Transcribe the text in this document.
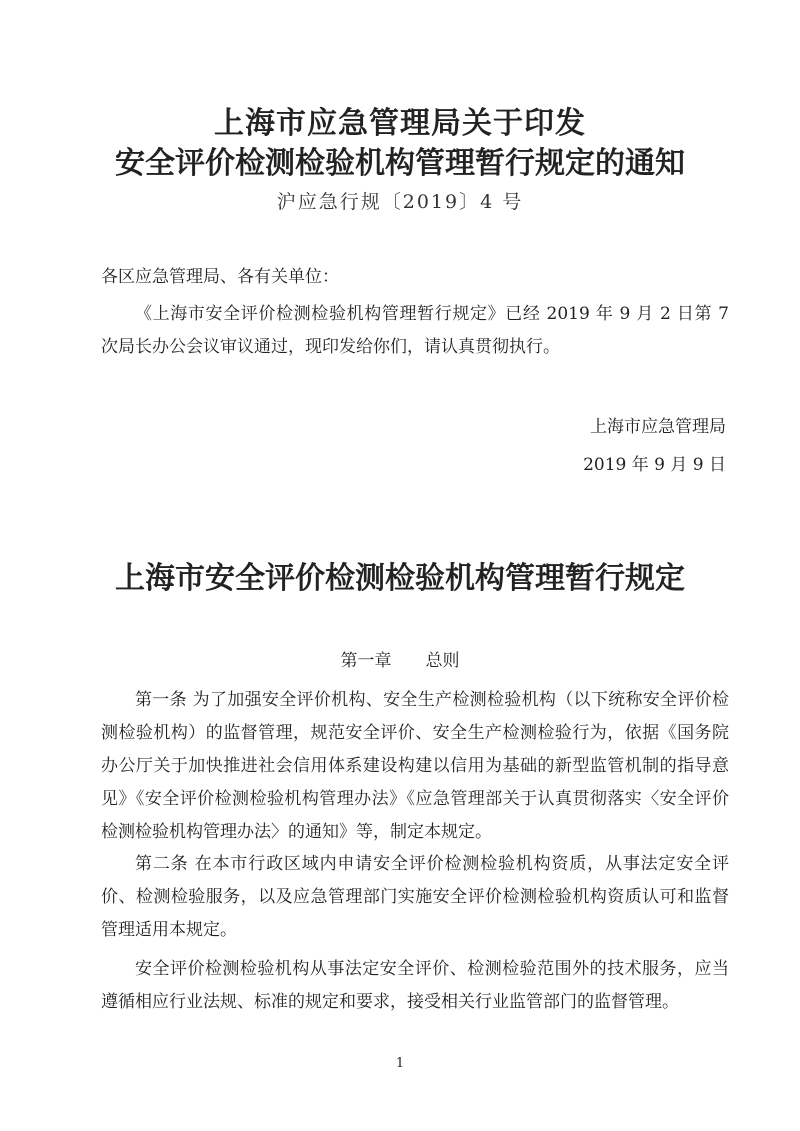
上海市应急管理局关于印发
安全评价检测检验机构管理暂行规定的通知
沪应急行规〔2019〕4 号
各区应急管理局、各有关单位：
《上海市安全评价检测检验机构管理暂行规定》已经 2019 年 9 月 2 日第 7 次局长办公会议审议通过，现印发给你们，请认真贯彻执行。
上海市应急管理局
2019 年 9 月 9 日
上海市安全评价检测检验机构管理暂行规定
第一章　　总则
第一条 为了加强安全评价机构、安全生产检测检验机构（以下统称安全评价检测检验机构）的监督管理，规范安全评价、安全生产检测检验行为，依据《国务院办公厅关于加快推进社会信用体系建设构建以信用为基础的新型监管机制的指导意见》《安全评价检测检验机构管理办法》《应急管理部关于认真贯彻落实〈安全评价检测检验机构管理办法〉的通知》等，制定本规定。
第二条 在本市行政区域内申请安全评价检测检验机构资质，从事法定安全评价、检测检验服务，以及应急管理部门实施安全评价检测检验机构资质认可和监督管理适用本规定。
安全评价检测检验机构从事法定安全评价、检测检验范围外的技术服务，应当遵循相应行业法规、标准的规定和要求，接受相关行业监管部门的监督管理。
1
